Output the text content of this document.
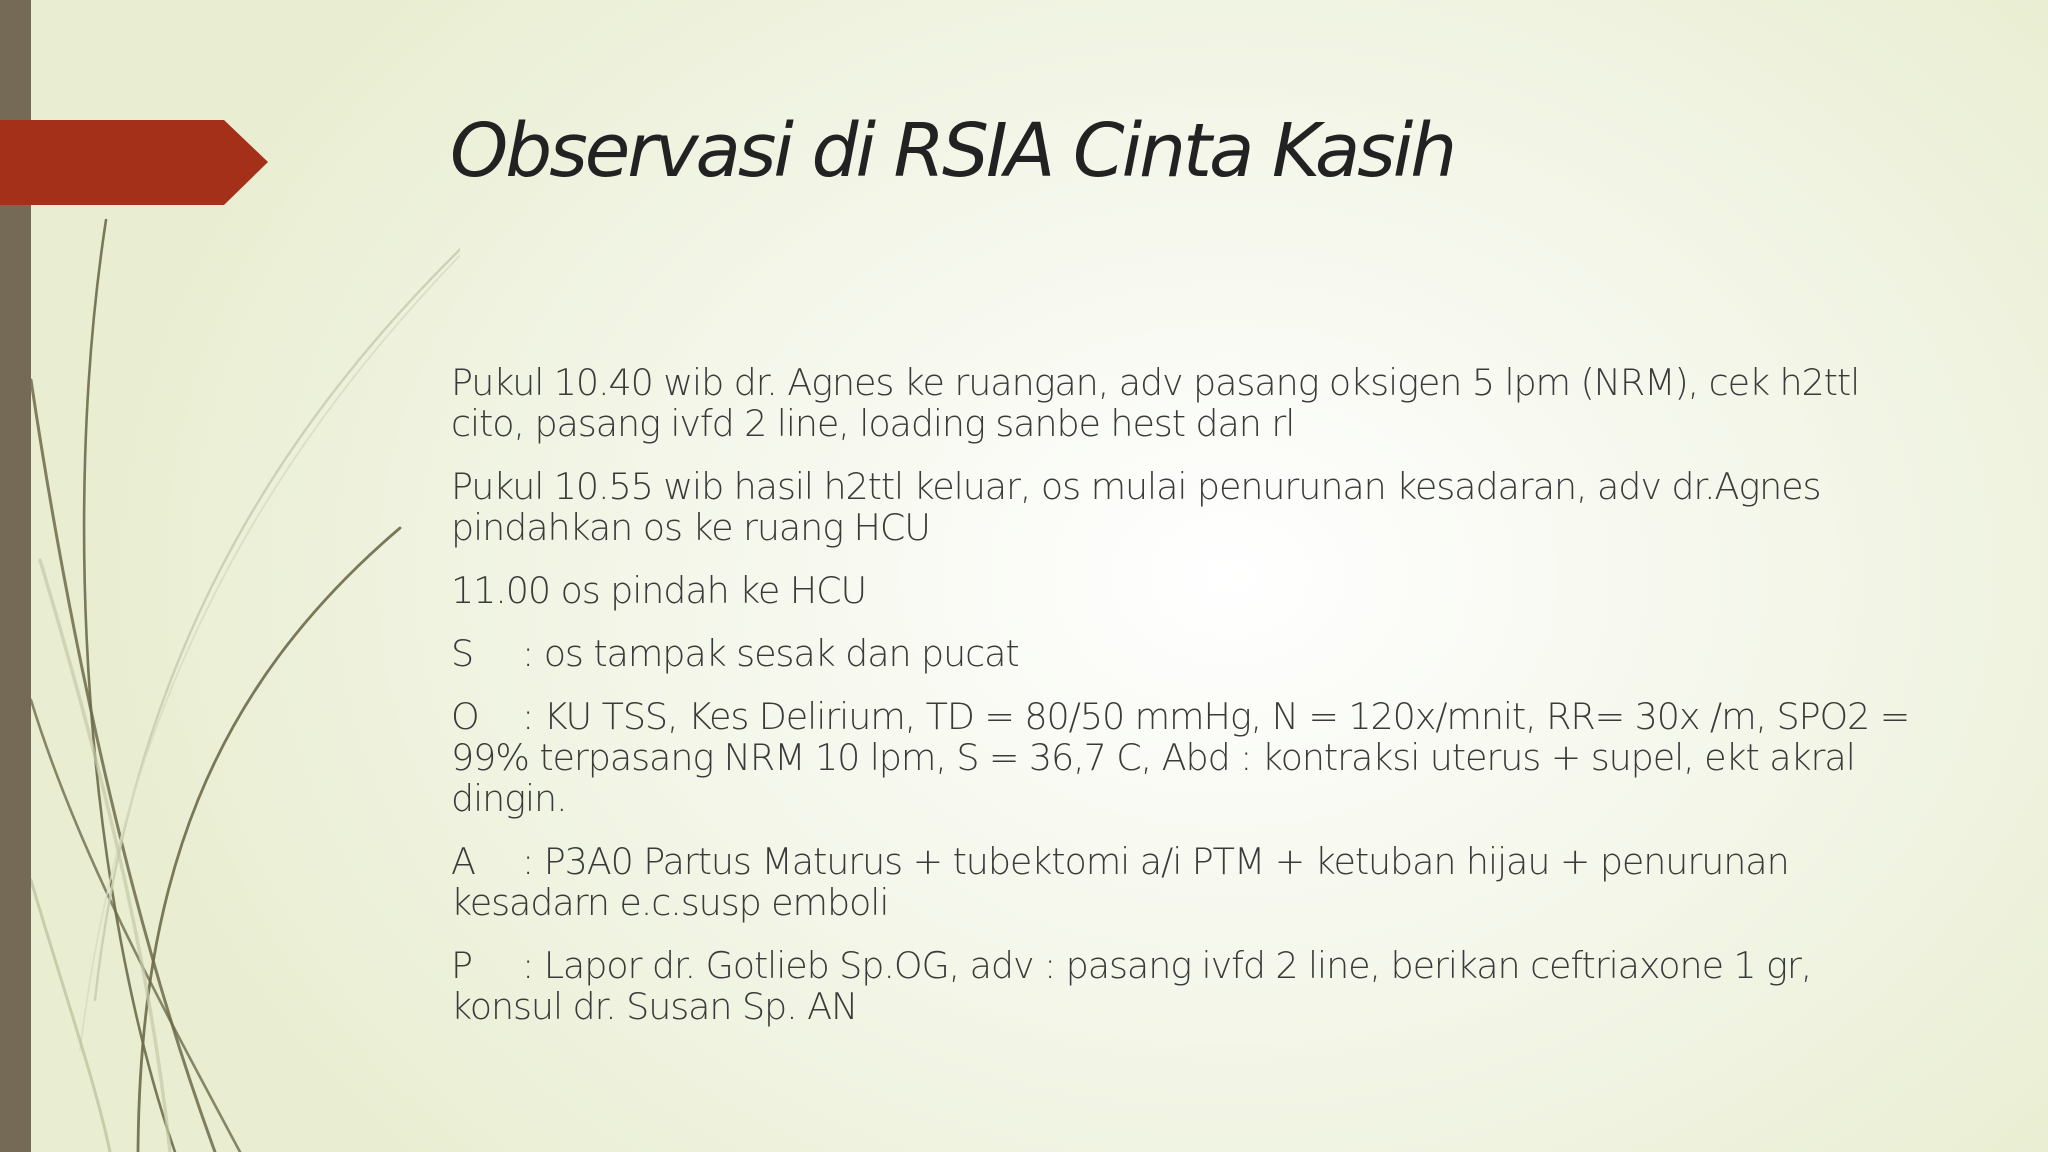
Observasi di RSIA Cinta Kasih
Pukul 10.40 wib dr. Agnes ke ruangan, adv pasang oksigen 5 lpm (NRM), cek h2ttl
cito, pasang ivfd 2 line, loading sanbe hest dan rl
Pukul 10.55 wib hasil h2ttl keluar, os mulai penurunan kesadaran, adv dr.Agnes
pindahkan os ke ruang HCU
11.00 os pindah ke HCU
S : os tampak sesak dan pucat
O : KU TSS, Kes Delirium, TD = 80/50 mmHg, N = 120x/mnit, RR= 30x /m, SPO2 =
99% terpasang NRM 10 lpm, S = 36,7 C, Abd : kontraksi uterus + supel, ekt akral
dingin.
A : P3A0 Partus Maturus + tubektomi a/i PTM + ketuban hijau + penurunan
kesadarn e.c.susp emboli
P : Lapor dr. Gotlieb Sp.OG, adv : pasang ivfd 2 line, berikan ceftriaxone 1 gr,
konsul dr. Susan Sp. AN
